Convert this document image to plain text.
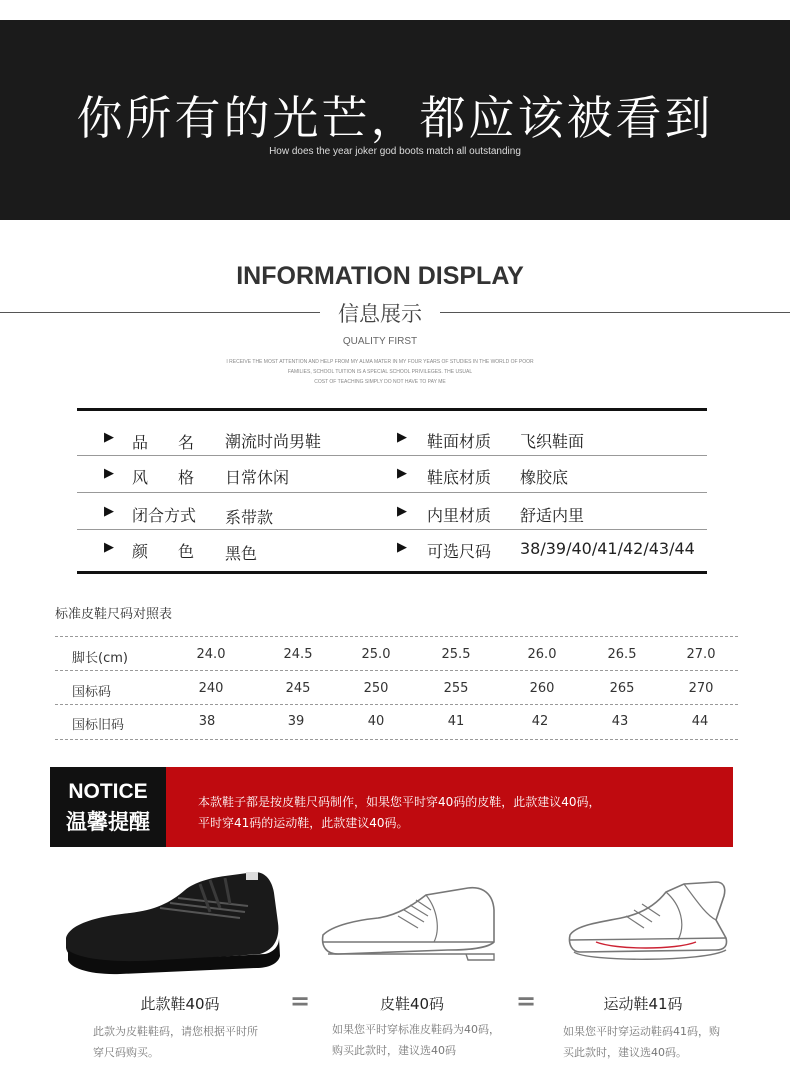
你所有的光芒，都应该被看到
How does the year joker god boots match all outstanding
INFORMATION DISPLAY
信息展示
QUALITY FIRST
I RECEIVE THE MOST ATTENTION AND HELP FROM MY ALMA MATER IN MY FOUR YEARS OF STUDIES IN THE WORLD OF POOR
FAMILIES, SCHOOL TUITION IS A SPECIAL SCHOOL PRIVILEGES. THE USUAL
COST OF TEACHING SIMPLY DO NOT HAVE TO PAY ME
▶ 品名 潮流时尚男鞋	▶ 鞋面材质 飞织鞋面
▶ 风格 日常休闲	▶ 鞋底材质 橡胶底
▶ 闭合方式 系带款	▶ 内里材质 舒适内里
▶ 颜色 黑色	▶ 可选尺码 38/39/40/41/42/43/44
标准皮鞋尺码对照表
脚长(cm)	24.0	24.5	25.0	25.5	26.0	26.5	27.0
国标码	240	245	250	255	260	265	270
国标旧码	38	39	40	41	42	43	44
NOTICE
温馨提醒
本款鞋子都是按皮鞋尺码制作，如果您平时穿40码的皮鞋，此款建议40码，
平时穿41码的运动鞋，此款建议40码。
=	=
此款鞋40码
此款为皮鞋鞋码，请您根据平时所
穿尺码购买。
皮鞋40码
如果您平时穿标准皮鞋码为40码，
购买此款时，建议选40码
运动鞋41码
如果您平时穿运动鞋码41码，购
买此款时，建议选40码。
